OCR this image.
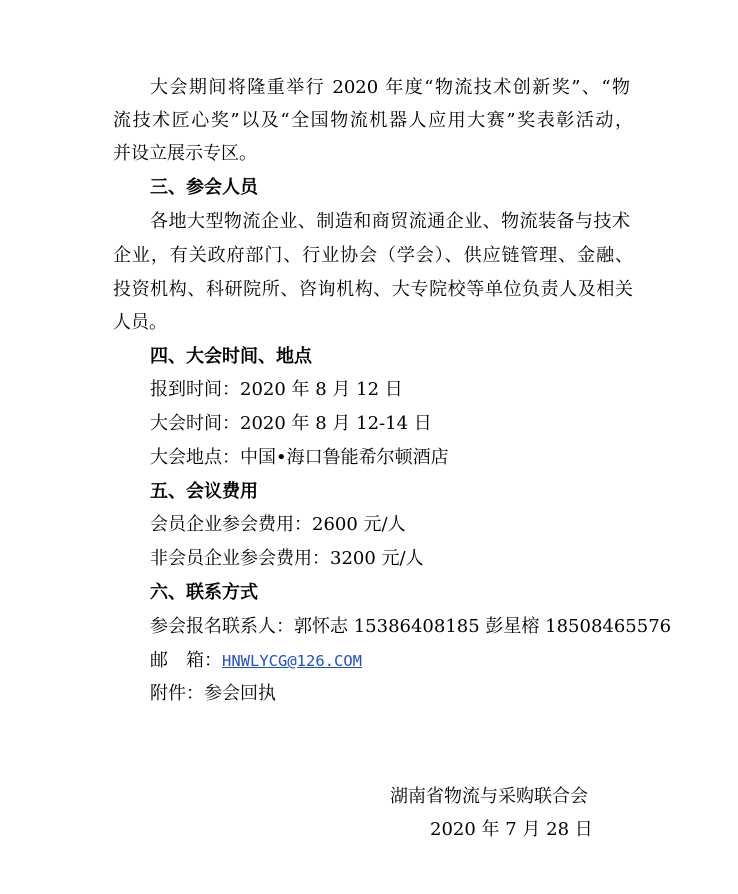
大会期间将隆重举行 2020 年度“物流技术创新奖”、“物
流技术匠心奖”以及“全国物流机器人应用大赛”奖表彰活动，
并设立展示专区。
三、参会人员
各地大型物流企业、制造和商贸流通企业、物流装备与技术
企业，有关政府部门、行业协会（学会）、供应链管理、金融、
投资机构、科研院所、咨询机构、大专院校等单位负责人及相关
人员。
四、大会时间、地点
报到时间：2020 年 8 月 12 日
大会时间：2020 年 8 月 12-14 日
大会地点：中国•海口鲁能希尔顿酒店
五、会议费用
会员企业参会费用：2600 元/人
非会员企业参会费用：3200 元/人
六、联系方式
参会报名联系人：郭怀志 15386408185 彭星榕 18508465576
邮　箱：HNWLYCG@126.COM
附件：参会回执
湖南省物流与采购联合会
2020 年 7 月 28 日
